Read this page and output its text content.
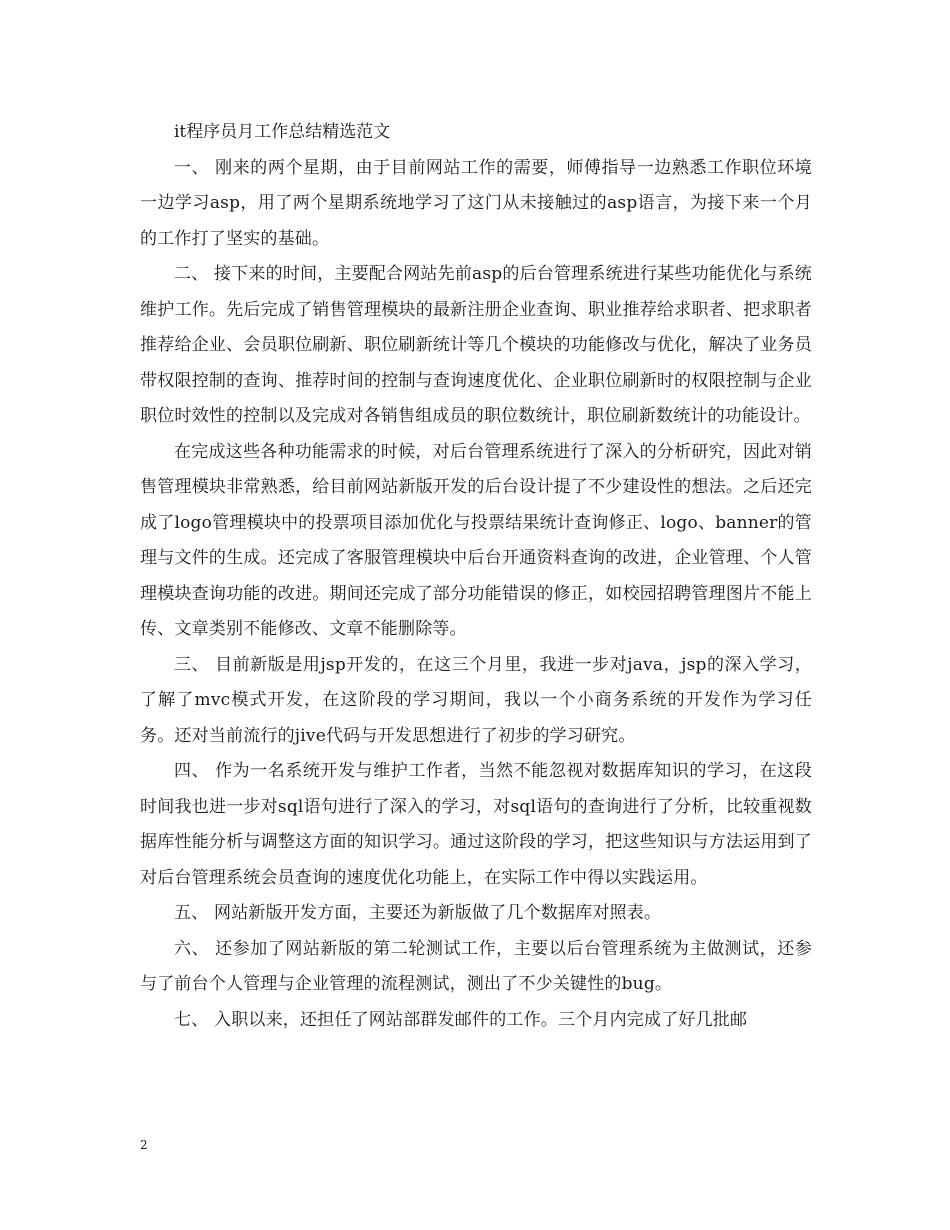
it程序员月工作总结精选范文

一、 刚来的两个星期，由于目前网站工作的需要，师傅指导一边熟悉工作职位环境一边学习asp，用了两个星期系统地学习了这门从未接触过的asp语言，为接下来一个月的工作打了坚实的基础。

二、 接下来的时间，主要配合网站先前asp的后台管理系统进行某些功能优化与系统维护工作。先后完成了销售管理模块的最新注册企业查询、职业推荐给求职者、把求职者推荐给企业、会员职位刷新、职位刷新统计等几个模块的功能修改与优化，解决了业务员带权限控制的查询、推荐时间的控制与查询速度优化、企业职位刷新时的权限控制与企业职位时效性的控制以及完成对各销售组成员的职位数统计，职位刷新数统计的功能设计。

在完成这些各种功能需求的时候，对后台管理系统进行了深入的分析研究，因此对销售管理模块非常熟悉，给目前网站新版开发的后台设计提了不少建设性的想法。之后还完成了logo管理模块中的投票项目添加优化与投票结果统计查询修正、logo、banner的管理与文件的生成。还完成了客服管理模块中后台开通资料查询的改进，企业管理、个人管理模块查询功能的改进。期间还完成了部分功能错误的修正，如校园招聘管理图片不能上传、文章类别不能修改、文章不能删除等。

三、 目前新版是用jsp开发的，在这三个月里，我进一步对java，jsp的深入学习，了解了mvc模式开发，在这阶段的学习期间，我以一个小商务系统的开发作为学习任务。还对当前流行的jive代码与开发思想进行了初步的学习研究。

四、 作为一名系统开发与维护工作者，当然不能忽视对数据库知识的学习，在这段时间我也进一步对sql语句进行了深入的学习，对sql语句的查询进行了分析，比较重视数据库性能分析与调整这方面的知识学习。通过这阶段的学习，把这些知识与方法运用到了对后台管理系统会员查询的速度优化功能上，在实际工作中得以实践运用。

五、 网站新版开发方面，主要还为新版做了几个数据库对照表。

六、 还参加了网站新版的第二轮测试工作，主要以后台管理系统为主做测试，还参与了前台个人管理与企业管理的流程测试，测出了不少关键性的bug。

七、 入职以来，还担任了网站部群发邮件的工作。三个月内完成了好几批邮

2
